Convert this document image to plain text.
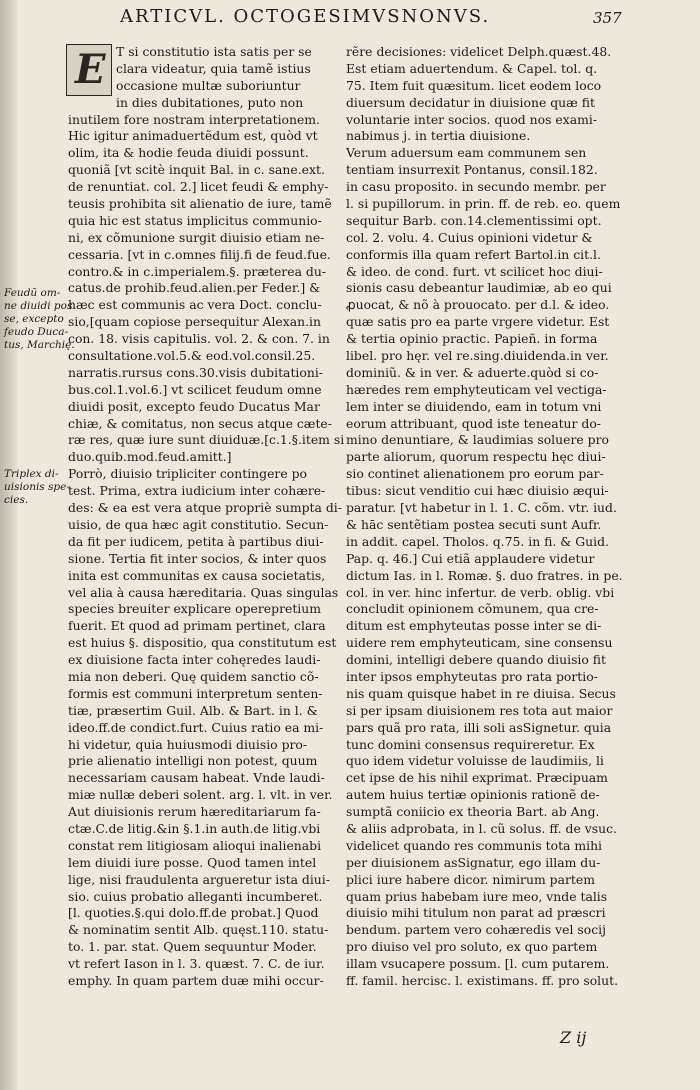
ARTICVL. OCTOGESIMVSNONVS.	357
Feudũ om-
ne diuidi pos
se, excepto
feudo Duca-
tus, Marchię.
Triplex di-
uisionis spe-
cies.
E T si constitutio ista satis per se
clara videatur, quia tamẽ istius
occasione multæ suboriuntur
in dies dubitationes, puto non
inutilem fore nostram interpretationem.
Hic igitur animaduertẽdum est, quòd vt
olim, ita & hodie feuda diuidi possunt.
quoniã [vt scitè inquit Bal. in c. sane.ext.
de renuntiat. col. 2.] licet feudi & emphy-
teusis prohibita sit alienatio de iure, tamẽ
quia hic est status implicitus communio-
ni, ex cõmunione surgit diuisio etiam ne-
cessaria. [vt in c.omnes filij.fi de feud.fue.
contro.& in c.imperialem.§. præterea du-
catus.de prohib.feud.alien.per Feder.] &
hæc est communis ac vera Doct. conclu-
sio,[quam copiose persequitur Alexan.in
con. 18. visis capitulis. vol. 2. & con. 7. in
consultatione.vol.5.& eod.vol.consil.25.
narratis.rursus cons.30.visis dubitationi-
bus.col.1.vol.6.] vt scilicet feudum omne
diuidi posit, excepto feudo Ducatus Mar
chiæ, & comitatus, non secus atque cæte-
ræ res, quæ iure sunt diuiduæ.[c.1.§.item si
duo.quib.mod.feud.amitt.]
Porrò, diuisio tripliciter contingere po
test. Prima, extra iudicium inter cohære-
des: & ea est vera atque propriè sumpta di-
uisio, de qua hæc agit constitutio. Secun-
da fit per iudicem, petita à partibus diui-
sione. Tertia fit inter socios, & inter quos
inita est communitas ex causa societatis,
vel alia à causa hæreditaria. Quas singulas
species breuiter explicare operepretium
fuerit. Et quod ad primam pertinet, clara
est huius §. dispositio, qua constitutum est
ex diuisione facta inter cohęredes laudi-
mia non deberi. Quę quidem sanctio cõ-
formis est communi interpretum senten-
tiæ, præsertim Guil. Alb. & Bart. in l. &
ideo.ff.de condict.furt. Cuius ratio ea mi-
hi videtur, quia huiusmodi diuisio pro-
prie alienatio intelligi non potest, quum
necessariam causam habeat. Vnde laudi-
miæ nullæ deberi solent. arg. l. vlt. in ver.
Aut diuisionis rerum hæreditariarum fa-
ctæ.C.de litig.&in §.1.in auth.de litig.vbi
constat rem litigiosam alioqui inalienabi
lem diuidi iure posse. Quod tamen intel
lige, nisi fraudulenta argueretur ista diui-
sio. cuius probatio alleganti incumberet.
[l. quoties.§.qui dolo.ff.de probat.] Quod
& nominatim sentit Alb. quęst.110. statu-
to. 1. par. stat. Quem sequuntur Moder.
vt refert Iason in l. 3. quæst. 7. C. de iur.
emphy. In quam partem duæ mihi occur-
rẽre decisiones: videlicet Delph.quæst.48.
Est etiam aduertendum. & Capel. tol. q.
75. Item fuit quæsitum. licet eodem loco
diuersum decidatur in diuisione quæ fit
voluntarie inter socios. quod nos exami-
nabimus j. in tertia diuisione.
Verum aduersum eam communem sen
tentiam insurrexit Pontanus, consil.182.
in casu proposito. in secundo membr. per
l. si pupillorum. in prin. ff. de reb. eo. quem
sequitur Barb. con.14.clementissimi opt.
col. 2. volu. 4. Cuius opinioni videtur &
conformis illa quam refert Bartol.in cit.l.
& ideo. de cond. furt. vt scilicet hoc diui-
sionis casu debeantur laudimiæ, ab eo qui
ꝓuocat, & nõ à prouocato. per d.l. & ideo.
quæ satis pro ea parte vrgere videtur. Est
& tertia opinio practic. Papieñ. in forma
libel. pro hęr. vel re.sing.diuidenda.in ver.
dominiũ. & in ver. & aduerte.quòd si co-
hæredes rem emphyteuticam vel vectiga-
lem inter se diuidendo, eam in totum vni
eorum attribuant, quod iste teneatur do-
mino denuntiare, & laudimias soluere pro
parte aliorum, quorum respectu hęc diui-
sio continet alienationem pro eorum par-
tibus: sicut venditio cui hæc diuisio æqui-
paratur. [vt habetur in l. 1. C. cõm. vtr. iud.
& hāc sentẽtiam postea secuti sunt Aufr.
in addit. capel. Tholos. q.75. in fi. & Guid.
Pap. q. 46.] Cui etiã applaudere videtur
dictum Ias. in l. Romæ. §. duo fratres. in pe.
col. in ver. hinc infertur. de verb. oblig. vbi
concludit opinionem cõmunem, qua cre-
ditum est emphyteutas posse inter se di-
uidere rem emphyteuticam, sine consensu
domini, intelligi debere quando diuisio fit
inter ipsos emphyteutas pro rata portio-
nis quam quisque habet in re diuisa. Secus
si per ipsam diuisionem res tota aut maior
pars quã pro rata, illi soli asSignetur. quia
tunc domini consensus requireretur. Ex
quo idem videtur voluisse de laudimiis, li
cet ipse de his nihil exprimat. Præcipuam
autem huius tertiæ opinionis rationẽ de-
sumptã coniicio ex theoria Bart. ab Ang.
& aliis adprobata, in l. cũ solus. ff. de vsuc.
videlicet quando res communis tota mihi
per diuisionem asSignatur, ego illam du-
plici iure habere dicor. nimirum partem
quam prius habebam iure meo, vnde talis
diuisio mihi titulum non parat ad præscri
bendum. partem vero cohæredis vel socij
pro diuiso vel pro soluto, ex quo partem
illam vsucapere possum. [l. cum putarem.
ff. famil. hercisc. l. existimans. ff. pro solut.
Z ij
